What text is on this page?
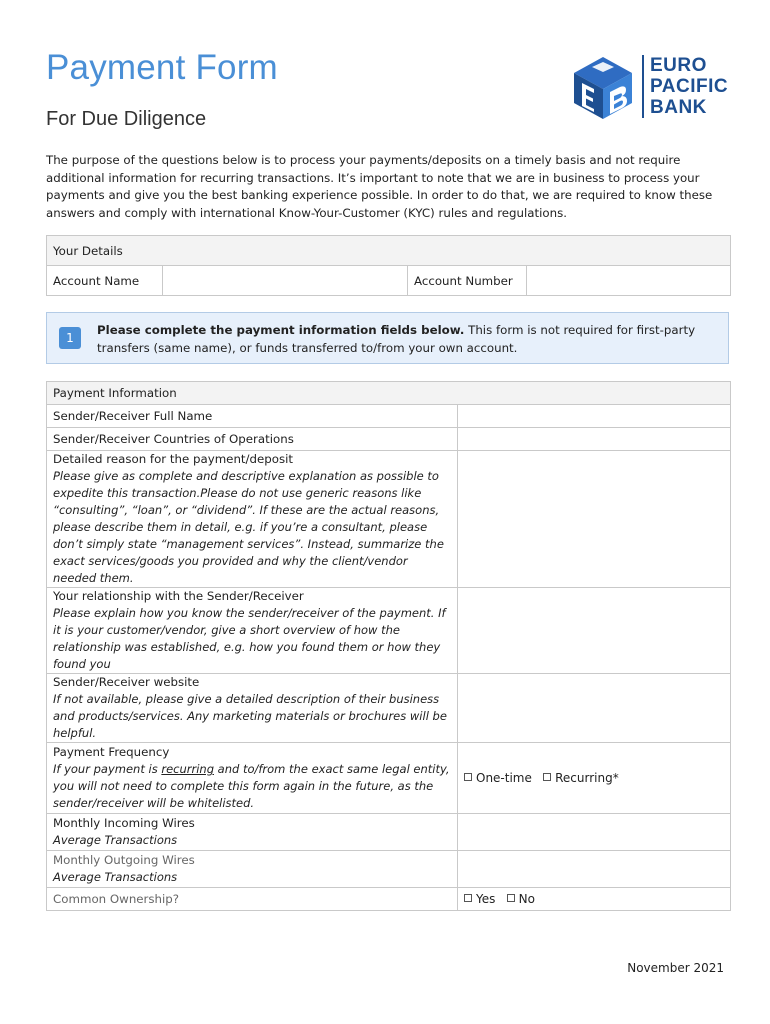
Payment Form
For Due Diligence
EURO
PACIFIC
BANK

The purpose of the questions below is to process your payments/deposits on a timely basis and not require additional information for recurring transactions. It’s important to note that we are in business to process your payments and give you the best banking experience possible. In order to do that, we are required to know these answers and comply with international Know-Your-Customer (KYC) rules and regulations.

Your Details
Account Name		Account Number	
1
Please complete the payment information fields below. This form is not required for first-party transfers (same name), or funds transferred to/from your own account.
Payment Information	
Sender/Receiver Full Name	
Sender/Receiver Countries of Operations	

Detailed reason for the payment/deposit
Please give as complete and descriptive explanation as possible to expedite this transaction.Please do not use generic reasons like “consulting”, “loan”, or “dividend”. If these are the actual reasons, please describe them in detail, e.g. if you’re a consultant, please don’t simply state “management services”. Instead, summarize the exact services/goods you provided and why the client/vendor needed them.	

Your relationship with the Sender/Receiver
Please explain how you know the sender/receiver of the payment. If it is your customer/vendor, give a short overview of how the relationship was established, e.g. how you found them or how they found you	

Sender/Receiver website
If not available, please give a detailed description of their business and products/services. Any marketing materials or brochures will be helpful.	

Payment Frequency
If your payment is recurring and to/from the exact same legal entity, you will not need to complete this form again in the future, as the sender/receiver will be whitelisted.	One-time Recurring*

Monthly Incoming Wires
Average Transactions	

Monthly Outgoing Wires
Average Transactions	

Common Ownership?	Yes No
November 2021
